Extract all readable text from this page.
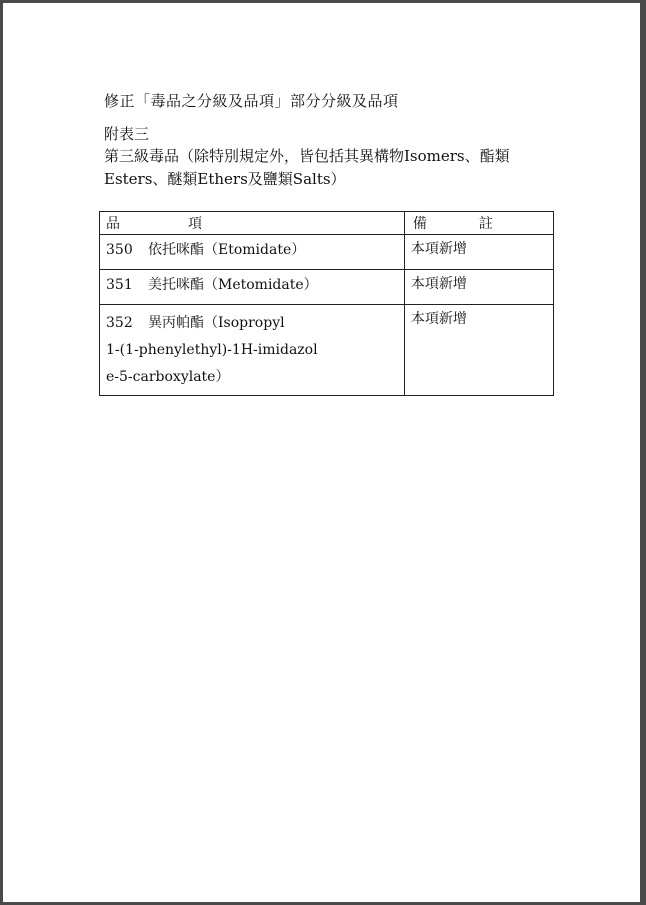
修正「毒品之分級及品項」部分分級及品項
附表三
第三級毒品（除特別規定外，皆包括其異構物Isomers、酯類
Esters、醚類Ethers及鹽類Salts）
品 項	備 註

350 依托咪酯（Etomidate）	本項新增

351 美托咪酯（Metomidate）	本項新增

352 異丙帕酯（Isopropyl
1-(1-phenylethyl)-1H-imidazol
e-5-carboxylate）	本項新增
